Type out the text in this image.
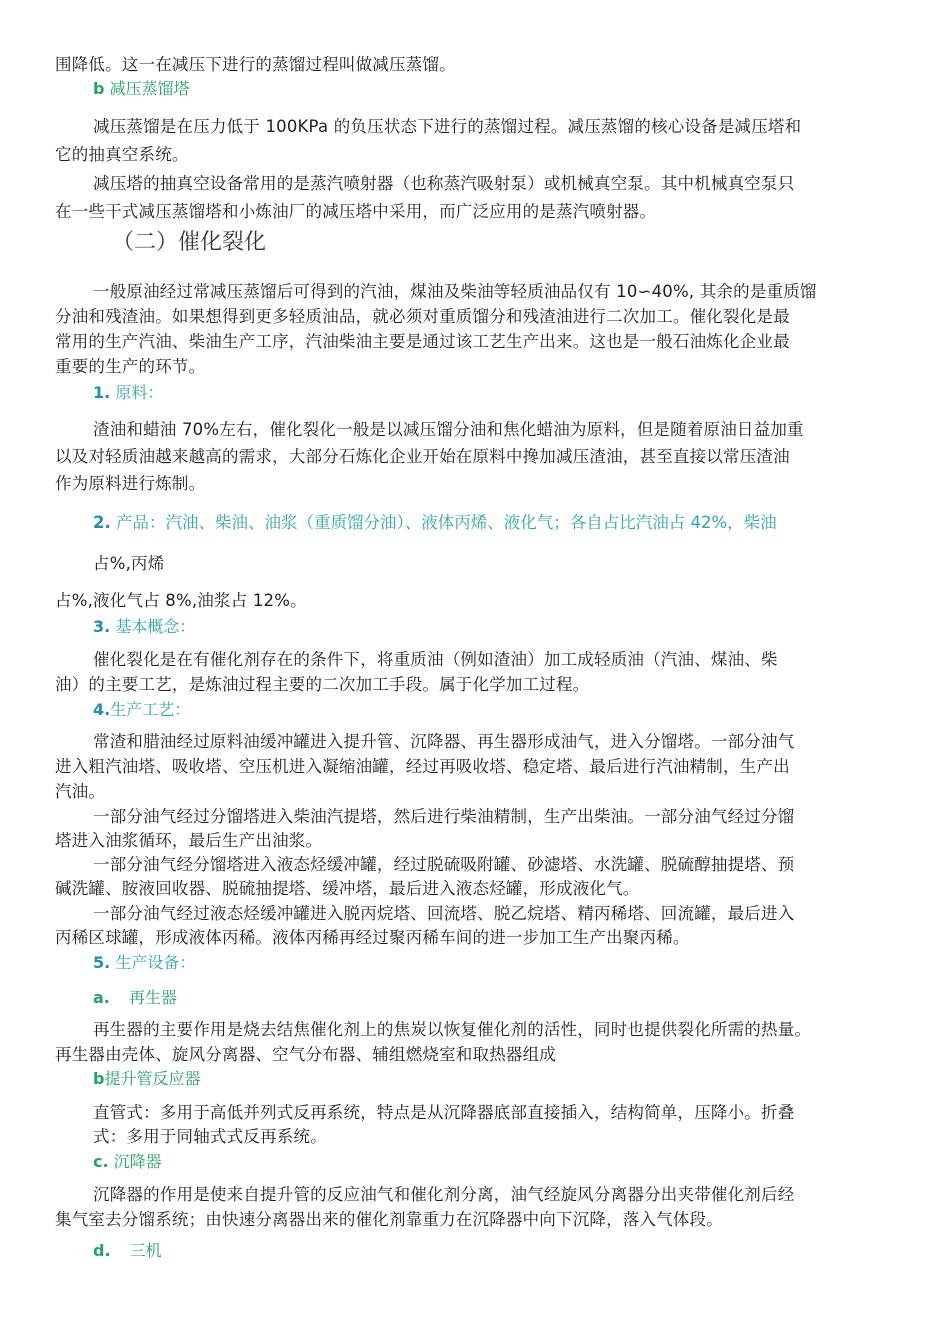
围降低。这一在减压下进行的蒸馏过程叫做减压蒸馏。
b 减压蒸馏塔
减压蒸馏是在压力低于 100KPa 的负压状态下进行的蒸馏过程。减压蒸馏的核心设备是减压塔和
它的抽真空系统。
减压塔的抽真空设备常用的是蒸汽喷射器（也称蒸汽吸射泵）或机械真空泵。其中机械真空泵只
在一些干式减压蒸馏塔和小炼油厂的减压塔中采用，而广泛应用的是蒸汽喷射器。
（二）催化裂化
一般原油经过常减压蒸馏后可得到的汽油，煤油及柴油等轻质油品仅有 10∽40%, 其余的是重质馏
分油和残渣油。如果想得到更多轻质油品，就必须对重质馏分和残渣油进行二次加工。催化裂化是最
常用的生产汽油、柴油生产工序，汽油柴油主要是通过该工艺生产出来。这也是一般石油炼化企业最
重要的生产的环节。
1. 原料：
渣油和蜡油 70%左右，催化裂化一般是以减压馏分油和焦化蜡油为原料，但是随着原油日益加重
以及对轻质油越来越高的需求，大部分石炼化企业开始在原料中搀加减压渣油，甚至直接以常压渣油
作为原料进行炼制。
2. 产品：汽油、柴油、油浆（重质馏分油）、液体丙烯、液化气；各自占比汽油占 42%，柴油
占%,丙烯
占%,液化气占 8%,油浆占 12%。
3. 基本概念：
催化裂化是在有催化剂存在的条件下，将重质油（例如渣油）加工成轻质油（汽油、煤油、柴
油）的主要工艺，是炼油过程主要的二次加工手段。属于化学加工过程。
4.生产工艺：
常渣和腊油经过原料油缓冲罐进入提升管、沉降器、再生器形成油气，进入分馏塔。一部分油气
进入粗汽油塔、吸收塔、空压机进入凝缩油罐，经过再吸收塔、稳定塔、最后进行汽油精制，生产出
汽油。
一部分油气经过分馏塔进入柴油汽提塔，然后进行柴油精制，生产出柴油。一部分油气经过分馏
塔进入油浆循环，最后生产出油浆。
一部分油气经分馏塔进入液态烃缓冲罐，经过脱硫吸附罐、砂滤塔、水洗罐、脱硫醇抽提塔、预
碱洗罐、胺液回收器、脱硫抽提塔、缓冲塔，最后进入液态烃罐，形成液化气。
一部分油气经过液态烃缓冲罐进入脱丙烷塔、回流塔、脱乙烷塔、精丙稀塔、回流罐，最后进入
丙稀区球罐，形成液体丙稀。液体丙稀再经过聚丙稀车间的进一步加工生产出聚丙稀。
5. 生产设备：
a. 再生器
再生器的主要作用是烧去结焦催化剂上的焦炭以恢复催化剂的活性，同时也提供裂化所需的热量。
再生器由壳体、旋风分离器、空气分布器、辅组燃烧室和取热器组成
b提升管反应器
直管式：多用于高低并列式反再系统，特点是从沉降器底部直接插入，结构简单，压降小。折叠
式：多用于同轴式式反再系统。
c. 沉降器
沉降器的作用是使来自提升管的反应油气和催化剂分离，油气经旋风分离器分出夹带催化剂后经
集气室去分馏系统；由快速分离器出来的催化剂靠重力在沉降器中向下沉降，落入气体段。
d. 三机
